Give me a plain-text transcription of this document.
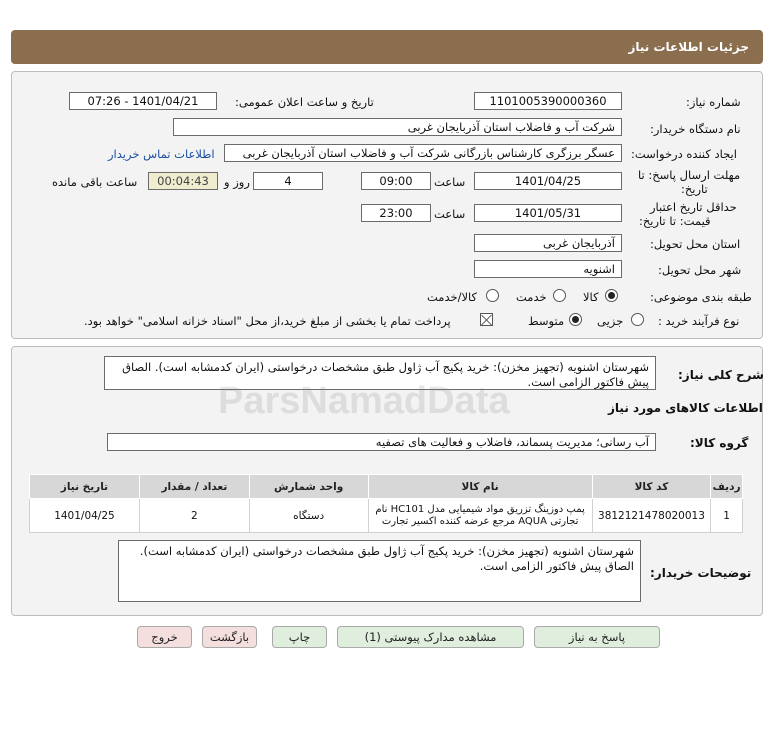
جزئیات اطلاعات نیاز
شماره نیاز:
1101005390000360
تاریخ و ساعت اعلان عمومی:
1401/04/21 - 07:26
نام دستگاه خریدار:
شرکت آب و فاضلاب استان آذربایجان غربی
ایجاد کننده درخواست:
عسگر برزگری کارشناس بازرگانی شرکت آب و فاضلاب استان آذربایجان غربی
اطلاعات تماس خریدار
مهلت ارسال پاسخ: تا
تاریخ:
1401/04/25
ساعت
09:00
4
روز و
00:04:43
ساعت باقی مانده
حداقل تاریخ اعتبار
قیمت: تا تاریخ:
1401/05/31
ساعت
23:00
استان محل تحویل:
آذربایجان غربی
شهر محل تحویل:
اشنویه
طبقه بندی موضوعی:
کالا
خدمت
کالا/خدمت
نوع فرآیند خرید :
جزیی
متوسط
پرداخت تمام یا بخشی از مبلغ خرید،از محل "اسناد خزانه اسلامی" خواهد بود.
شرح کلی نیاز:
شهرستان اشنویه (تجهیز مخزن): خرید پکیج آب ژاول طبق مشخصات درخواستی (ایران کدمشابه است). الصاق پیش فاکتور الزامی است.
اطلاعات کالاهای مورد نیاز
گروه کالا:
آب رسانی؛ مدیریت پسماند، فاضلاب و فعالیت های تصفیه
ردیف	کد کالا	نام کالا	واحد شمارش	تعداد / مقدار	تاریخ نیاز
1	3812121478020013	پمپ دوزینگ تزریق مواد شیمیایی مدل HC101 نام تجارتی AQUA مرجع عرضه کننده اکسیر تجارت	دستگاه	2	1401/04/25
توضیحات خریدار:
شهرستان اشنویه (تجهیز مخزن): خرید پکیج آب ژاول طبق مشخصات درخواستی (ایران کدمشابه است). الصاق پیش فاکتور الزامی است.
پاسخ به نیاز
مشاهده مدارک پیوستی (1)
چاپ
بازگشت
خروج
